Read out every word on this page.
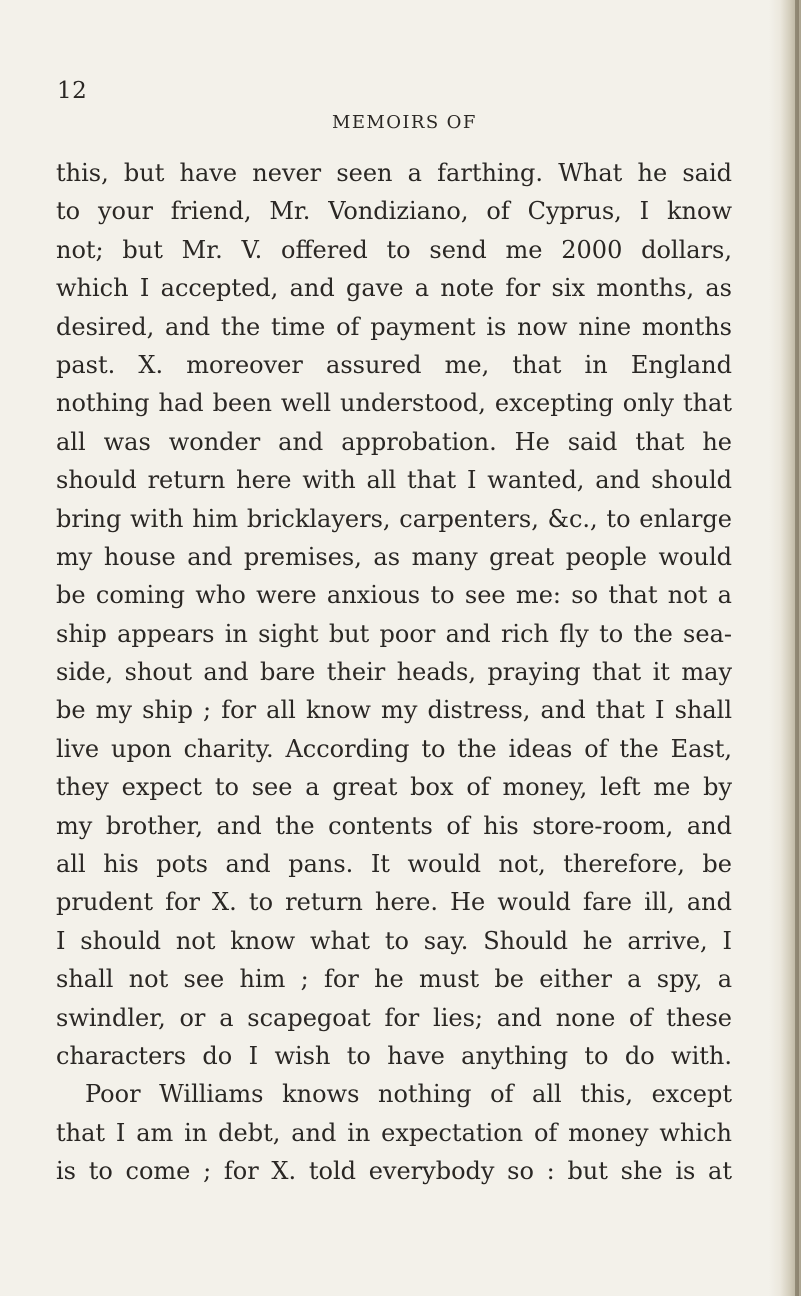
12
MEMOIRS OF
this, but have never seen a farthing. What he said
to your friend, Mr. Vondiziano, of Cyprus, I know
not; but Mr. V. offered to send me 2000 dollars,
which I accepted, and gave a note for six months, as
desired, and the time of payment is now nine months
past. X. moreover assured me, that in England
nothing had been well understood, excepting only that
all was wonder and approbation. He said that he
should return here with all that I wanted, and should
bring with him bricklayers, carpenters, &c., to enlarge
my house and premises, as many great people would
be coming who were anxious to see me: so that not a
ship appears in sight but poor and rich fly to the sea-
side, shout and bare their heads, praying that it may
be my ship ; for all know my distress, and that I shall
live upon charity. According to the ideas of the East,
they expect to see a great box of money, left me by
my brother, and the contents of his store-room, and
all his pots and pans. It would not, therefore, be
prudent for X. to return here. He would fare ill, and
I should not know what to say. Should he arrive, I
shall not see him ; for he must be either a spy, a
swindler, or a scapegoat for lies; and none of these
characters do I wish to have anything to do with.
Poor Williams knows nothing of all this, except
that I am in debt, and in expectation of money which
is to come ; for X. told everybody so : but she is at
